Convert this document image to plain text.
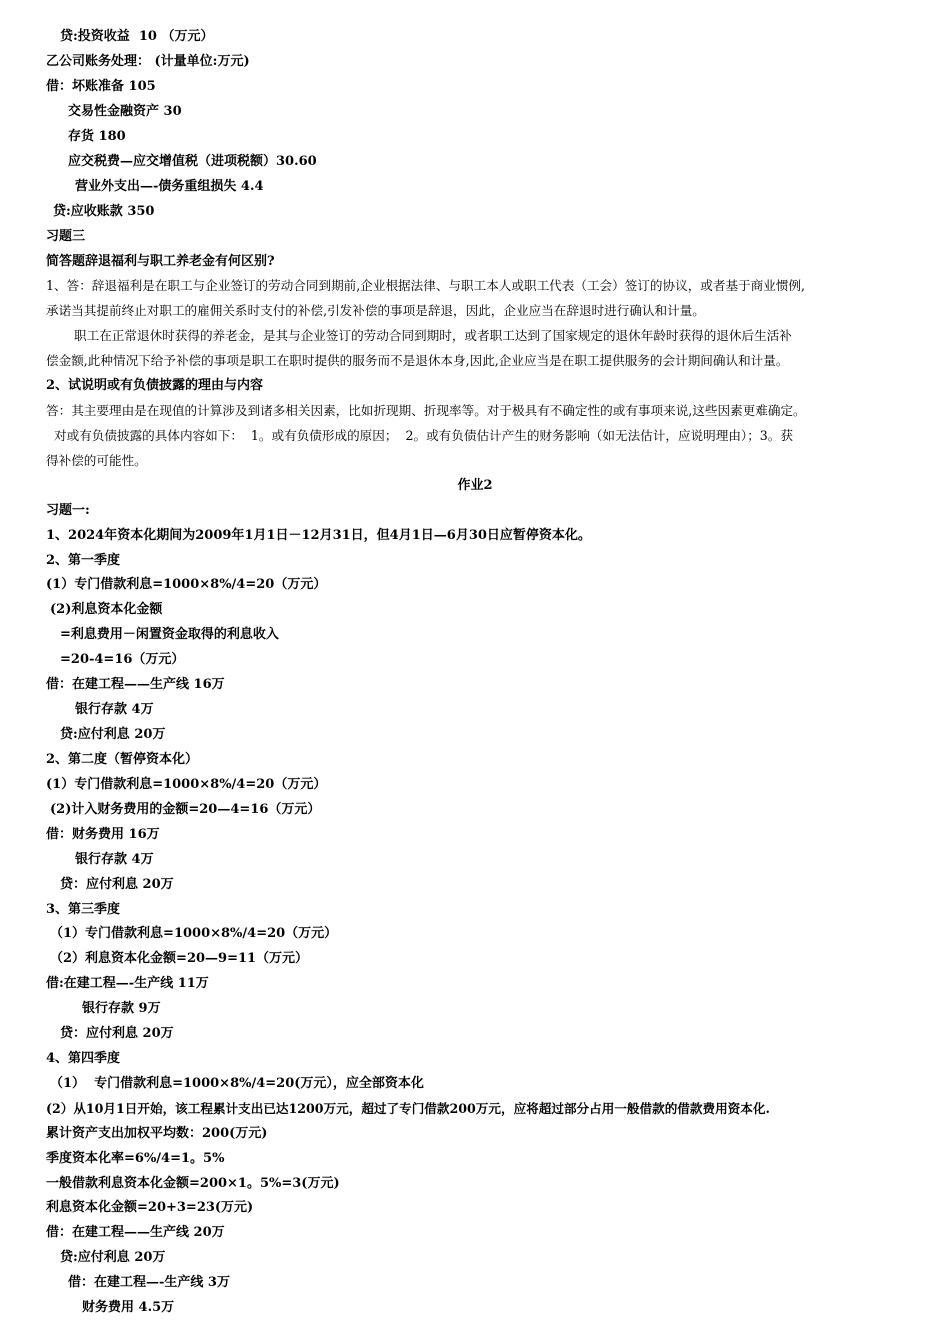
贷:投资收益  10 （万元）
乙公司账务处理： (计量单位:万元)
借：坏账准备 105
交易性金融资产 30
存货 180
应交税费—应交增值税（进项税额）30.60
营业外支出—-债务重组损失 4.4
贷:应收账款 350
习题三
简答题辞退福利与职工养老金有何区别?
1、答：辞退福利是在职工与企业签订的劳动合同到期前,企业根据法律、与职工本人或职工代表（工会）签订的协议，或者基于商业惯例,
承诺当其提前终止对职工的雇佣关系时支付的补偿,引发补偿的事项是辞退，因此，企业应当在辞退时进行确认和计量。
职工在正常退休时获得的养老金，是其与企业签订的劳动合同到期时，或者职工达到了国家规定的退休年龄时获得的退休后生活补
偿金额,此种情况下给予补偿的事项是职工在职时提供的服务而不是退休本身,因此,企业应当是在职工提供服务的会计期间确认和计量。
2、试说明或有负债披露的理由与内容
答：其主要理由是在现值的计算涉及到诸多相关因素，比如折现期、折现率等。对于极具有不确定性的或有事项来说,这些因素更难确定。
对或有负债披露的具体内容如下：  1。或有负债形成的原因；  2。或有负债估计产生的财务影响（如无法估计，应说明理由）；3。获
得补偿的可能性。
作业2
习题一:
1、2024年资本化期间为2009年1月1日－12月31日，但4月1日—6月30日应暂停资本化。
2、第一季度
(1）专门借款利息=1000×8%/4=20（万元）
(2)利息资本化金额
=利息费用－闲置资金取得的利息收入
=20-4=16（万元）
借：在建工程——生产线 16万
银行存款 4万
贷:应付利息 20万
2、第二度（暂停资本化）
(1）专门借款利息=1000×8%/4=20（万元）
(2)计入财务费用的金额=20—4=16（万元）
借：财务费用 16万
银行存款 4万
贷：应付利息 20万
3、第三季度
（1）专门借款利息=1000×8%/4=20（万元）
（2）利息资本化金额=20—9=11（万元）
借:在建工程—-生产线 11万
银行存款 9万
贷：应付利息 20万
4、第四季度
（1）  专门借款利息=1000×8%/4=20(万元），应全部资本化
(2）从10月1日开始，该工程累计支出已达1200万元，超过了专门借款200万元，应将超过部分占用一般借款的借款费用资本化.
累计资产支出加权平均数：200(万元)
季度资本化率=6%/4=1。5%
一般借款利息资本化金额=200×1。5%=3(万元)
利息资本化金额=20+3=23(万元)
借：在建工程——生产线 20万
贷:应付利息 20万
借：在建工程—-生产线 3万
财务费用 4.5万
